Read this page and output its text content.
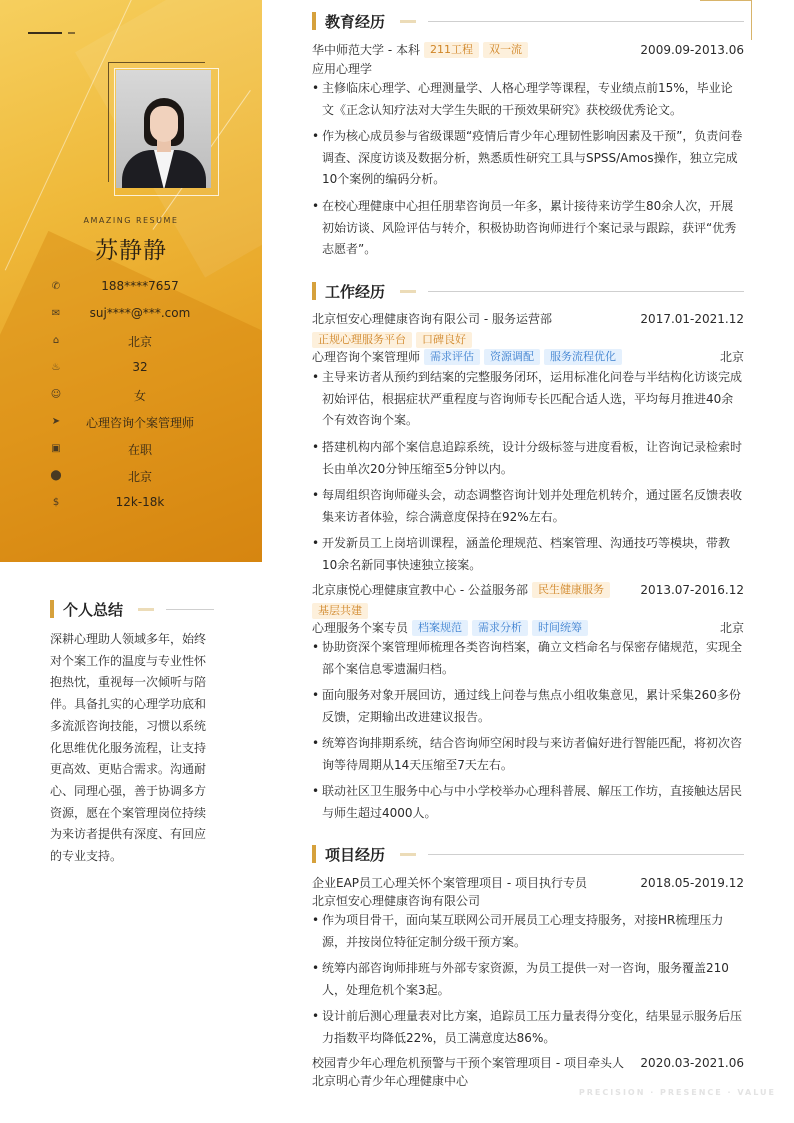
AMAZING RESUME
苏静静
✆	188****7657
✉	suj****@***.com
⌂	北京
♨	32
☺	女
➤	心理咨询个案管理师
▣	在职
⬤	北京
$	12k-18k
个人总结
深耕心理助人领域多年，始终对个案工作的温度与专业性怀抱热忱，重视每一次倾听与陪伴。具备扎实的心理学功底和多流派咨询技能，习惯以系统化思维优化服务流程，让支持更高效、更贴合需求。沟通耐心、同理心强，善于协调多方资源，愿在个案管理岗位持续为来访者提供有深度、有回应的专业支持。
教育经历
华中师范大学 - 本科 211工程 双一流	2009.09-2013.06
应用心理学
• 主修临床心理学、心理测量学、人格心理学等课程，专业绩点前15%，毕业论文《正念认知疗法对大学生失眠的干预效果研究》获校级优秀论文。
• 作为核心成员参与省级课题“疫情后青少年心理韧性影响因素及干预”，负责问卷调查、深度访谈及数据分析，熟悉质性研究工具与SPSS/Amos操作，独立完成10个案例的编码分析。
• 在校心理健康中心担任朋辈咨询员一年多，累计接待来访学生80余人次，开展初始访谈、风险评估与转介，积极协助咨询师进行个案记录与跟踪，获评“优秀志愿者”。
工作经历
北京恒安心理健康咨询有限公司 - 服务运营部	2017.01-2021.12
正规心理服务平台 口碑良好
心理咨询个案管理师 需求评估 资源调配 服务流程优化	北京
• 主导来访者从预约到结案的完整服务闭环，运用标准化问卷与半结构化访谈完成初始评估，根据症状严重程度与咨询师专长匹配合适人选，平均每月推进40余个有效咨询个案。
• 搭建机构内部个案信息追踪系统，设计分级标签与进度看板，让咨询记录检索时长由单次20分钟压缩至5分钟以内。
• 每周组织咨询师碰头会，动态调整咨询计划并处理危机转介，通过匿名反馈表收集来访者体验，综合满意度保持在92%左右。
• 开发新员工上岗培训课程，涵盖伦理规范、档案管理、沟通技巧等模块，带教10余名新同事快速独立接案。
北京康悦心理健康宣教中心 - 公益服务部 民生健康服务	2013.07-2016.12
基层共建
心理服务个案专员 档案规范 需求分析 时间统筹	北京
• 协助资深个案管理师梳理各类咨询档案，确立文档命名与保密存储规范，实现全部个案信息零遗漏归档。
• 面向服务对象开展回访，通过线上问卷与焦点小组收集意见，累计采集260多份反馈，定期输出改进建议报告。
• 统筹咨询排期系统，结合咨询师空闲时段与来访者偏好进行智能匹配，将初次咨询等待周期从14天压缩至7天左右。
• 联动社区卫生服务中心与中小学校举办心理科普展、解压工作坊，直接触达居民与师生超过4000人。
项目经历
企业EAP员工心理关怀个案管理项目 - 项目执行专员	2018.05-2019.12
北京恒安心理健康咨询有限公司
• 作为项目骨干，面向某互联网公司开展员工心理支持服务，对接HR梳理压力源，并按岗位特征定制分级干预方案。
• 统筹内部咨询师排班与外部专家资源，为员工提供一对一咨询，服务覆盖210人，处理危机个案3起。
• 设计前后测心理量表对比方案，追踪员工压力量表得分变化，结果显示服务后压力指数平均降低22%，员工满意度达86%。
校园青少年心理危机预警与干预个案管理项目 - 项目牵头人 2020.03-2021.06
北京明心青少年心理健康中心
PRECISION · PRESENCE · VALUE
